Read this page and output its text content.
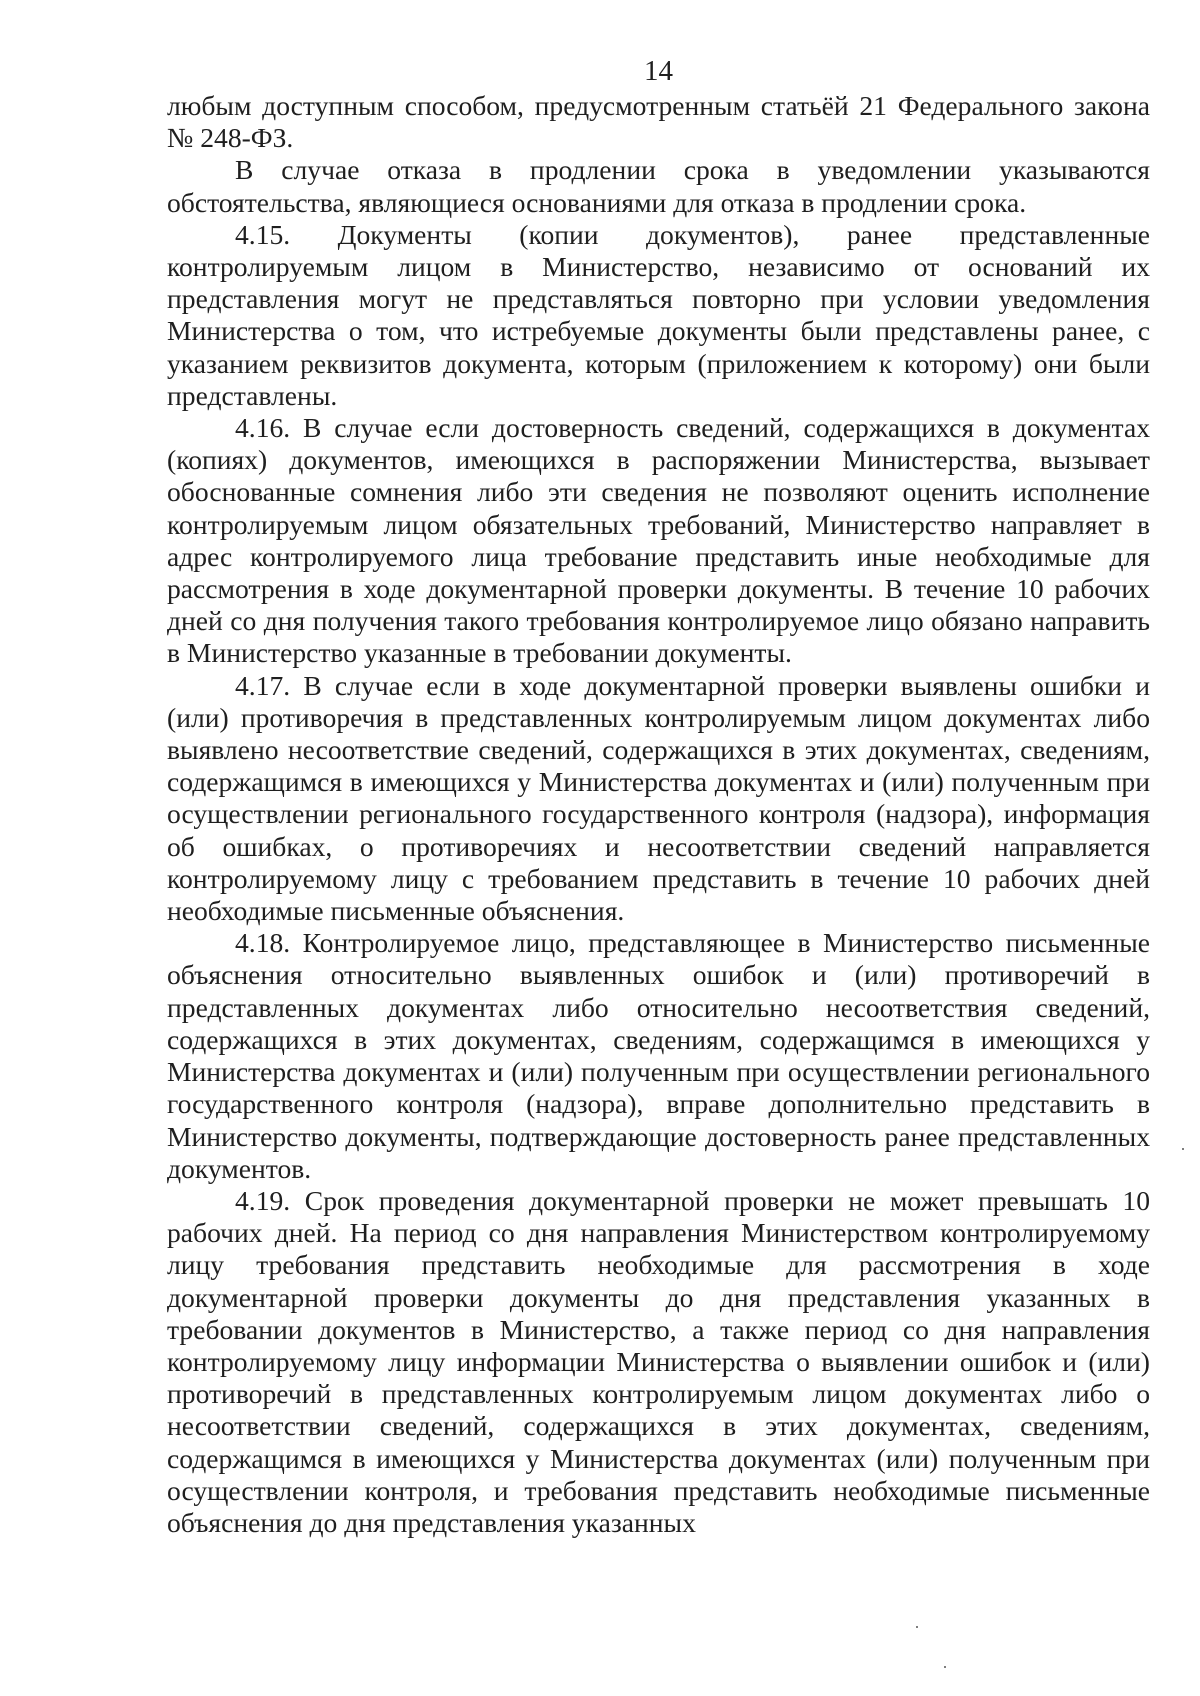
14

любым доступным способом, предусмотренным статьёй 21 Федерального закона № 248-ФЗ.

В случае отказа в продлении срока в уведомлении указываются обстоятельства, являющиеся основаниями для отказа в продлении срока.

4.15. Документы (копии документов), ранее представленные контролируемым лицом в Министерство, независимо от оснований их представления могут не представляться повторно при условии уведомления Министерства о том, что истребуемые документы были представлены ранее, с указанием реквизитов документа, которым (приложением к которому) они были представлены.

4.16. В случае если достоверность сведений, содержащихся в документах (копиях) документов, имеющихся в распоряжении Министерства, вызывает обоснованные сомнения либо эти сведения не позволяют оценить исполнение контролируемым лицом обязательных требований, Министерство направляет в адрес контролируемого лица требование представить иные необходимые для рассмотрения в ходе документарной проверки документы. В течение 10 рабочих дней со дня получения такого требования контролируемое лицо обязано направить в Министерство указанные в требовании документы.

4.17. В случае если в ходе документарной проверки выявлены ошибки и (или) противоречия в представленных контролируемым лицом документах либо выявлено несоответствие сведений, содержащихся в этих документах, сведениям, содержащимся в имеющихся у Министерства документах и (или) полученным при осуществлении регионального государственного контроля (надзора), информация об ошибках, о противоречиях и несоответствии сведений направляется контролируемому лицу с требованием представить в течение 10 рабочих дней необходимые письменные объяснения.

4.18. Контролируемое лицо, представляющее в Министерство письменные объяснения относительно выявленных ошибок и (или) противоречий в представленных документах либо относительно несоответствия сведений, содержащихся в этих документах, сведениям, содержащимся в имеющихся у Министерства документах и (или) полученным при осуществлении регионального государственного контроля (надзора), вправе дополнительно представить в Министерство документы, подтверждающие достоверность ранее представленных документов.

4.19. Срок проведения документарной проверки не может превышать 10 рабочих дней. На период со дня направления Министерством контролируемому лицу требования представить необходимые для рассмотрения в ходе документарной проверки документы до дня представления указанных в требовании документов в Министерство, а также период со дня направления контролируемому лицу информации Министерства о выявлении ошибок и (или) противоречий в представленных контролируемым лицом документах либо о несоответствии сведений, содержащихся в этих документах, сведениям, содержащимся в имеющихся у Министерства документах (или) полученным при осуществлении контроля, и требования представить необходимые письменные объяснения до дня представления указанных
